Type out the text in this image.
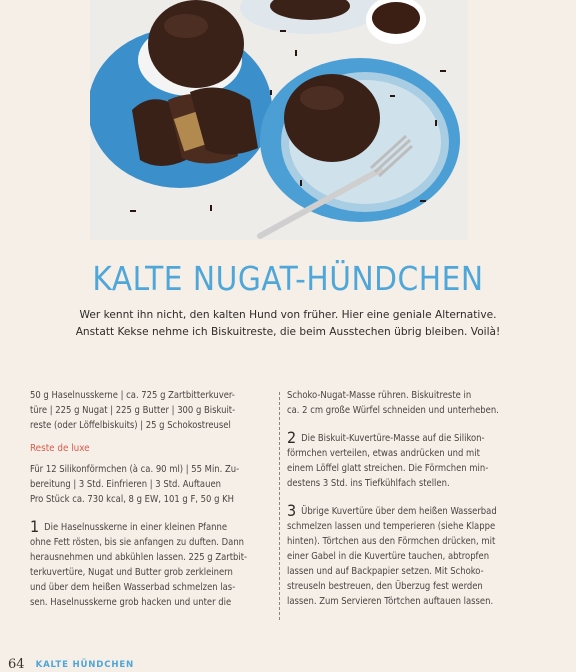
KALTE NUGAT-HÜNDCHEN
Wer kennt ihn nicht, den kalten Hund von früher. Hier eine geniale Alternative.
Anstatt Kekse nehme ich Biskuitreste, die beim Ausstechen übrig bleiben. Voilà!
50 g Haselnusskerne | ca. 725 g Zartbitterkuver-
türe | 225 g Nugat | 225 g Butter | 300 g Biskuit-
reste (oder Löffelbiskuits) | 25 g Schokostreusel
Reste de luxe
Für 12 Silikonförmchen (à ca. 90 ml) | 55 Min. Zu-
bereitung | 3 Std. Einfrieren | 3 Std. Auftauen
Pro Stück ca. 730 kcal, 8 g EW, 101 g F, 50 g KH
1 Die Haselnusskerne in einer kleinen Pfanne
ohne Fett rösten, bis sie anfangen zu duften. Dann
herausnehmen und abkühlen lassen. 225 g Zartbit-
terkuvertüre, Nugat und Butter grob zerkleinern
und über dem heißen Wasserbad schmelzen las-
sen. Haselnusskerne grob hacken und unter die
Schoko-Nugat-Masse rühren. Biskuitreste in
ca. 2 cm große Würfel schneiden und unterheben.
2 Die Biskuit-Kuvertüre-Masse auf die Silikon-
förmchen verteilen, etwas andrücken und mit
einem Löffel glatt streichen. Die Förmchen min-
destens 3 Std. ins Tiefkühlfach stellen.
3 Übrige Kuvertüre über dem heißen Wasserbad
schmelzen lassen und temperieren (siehe Klappe
hinten). Törtchen aus den Förmchen drücken, mit
einer Gabel in die Kuvertüre tauchen, abtropfen
lassen und auf Backpapier setzen. Mit Schoko-
streuseln bestreuen, den Überzug fest werden
lassen. Zum Servieren Törtchen auftauen lassen.
64 KALTE HÜNDCHEN
